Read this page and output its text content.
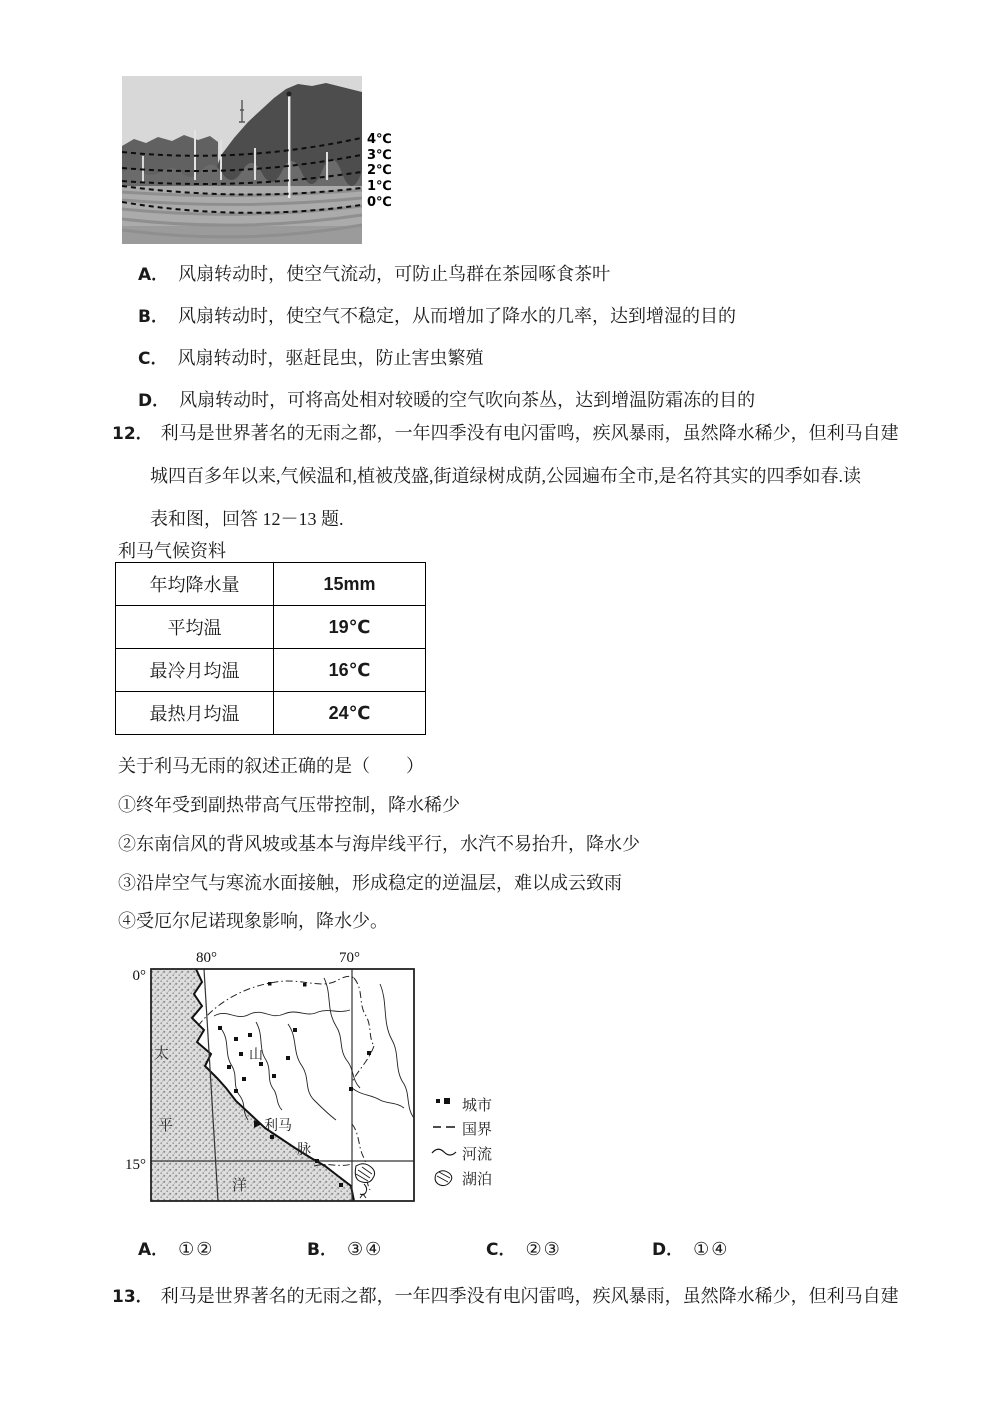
4℃
3℃
2℃
1℃
0℃
A． 风扇转动时，使空气流动，可防止鸟群在茶园啄食茶叶
B． 风扇转动时，使空气不稳定，从而增加了降水的几率，达到增湿的目的
C． 风扇转动时，驱赶昆虫，防止害虫繁殖
D． 风扇转动时，可将高处相对较暖的空气吹向茶丛，达到增温防霜冻的目的
12． 利马是世界著名的无雨之都，一年四季没有电闪雷鸣，疾风暴雨，虽然降水稀少，但利马自建
城四百多年以来,气候温和,植被茂盛,街道绿树成荫,公园遍布全市,是名符其实的四季如春.读
表和图，回答 12－13 题.
利马气候资料
年均降水量	15mm
平均温	19℃
最冷月均温	16℃
最热月均温	24℃
关于利马无雨的叙述正确的是（　　）
①终年受到副热带高气压带控制，降水稀少
②东南信风的背风坡或基本与海岸线平行，水汽不易抬升，降水少
③沿岸空气与寒流水面接触，形成稳定的逆温层，难以成云致雨
④受厄尔尼诺现象影响，降水少。
利马
山
脉
太
平
洋
80°	70°
0°
15°
城市
国界
河流
湖泊
A． ①②	B． ③④	C． ②③	D． ①④
13． 利马是世界著名的无雨之都，一年四季没有电闪雷鸣，疾风暴雨，虽然降水稀少，但利马自建
